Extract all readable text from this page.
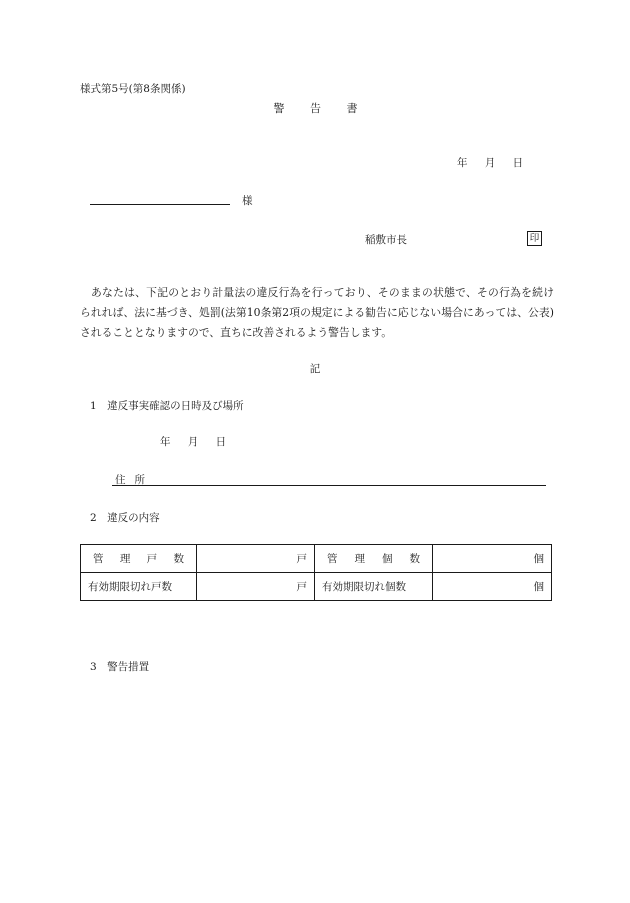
様式第5号(第8条関係)
警 告 書
年 月 日
様
稲敷市長	印
あなたは、下記のとおり計量法の違反行為を行っており、そのままの状態で、その行為を続けられれば、法に基づき、処罰(法第10条第2項の規定による勧告に応じない場合にあっては、公表)されることとなりますので、直ちに改善されるよう警告します。
記
1　違反事実確認の日時及び場所
年 月 日
住所
2　違反の内容
管理戸数	戸	管理個数	個
有効期限切れ戸数	戸	有効期限切れ個数	個
3　警告措置
